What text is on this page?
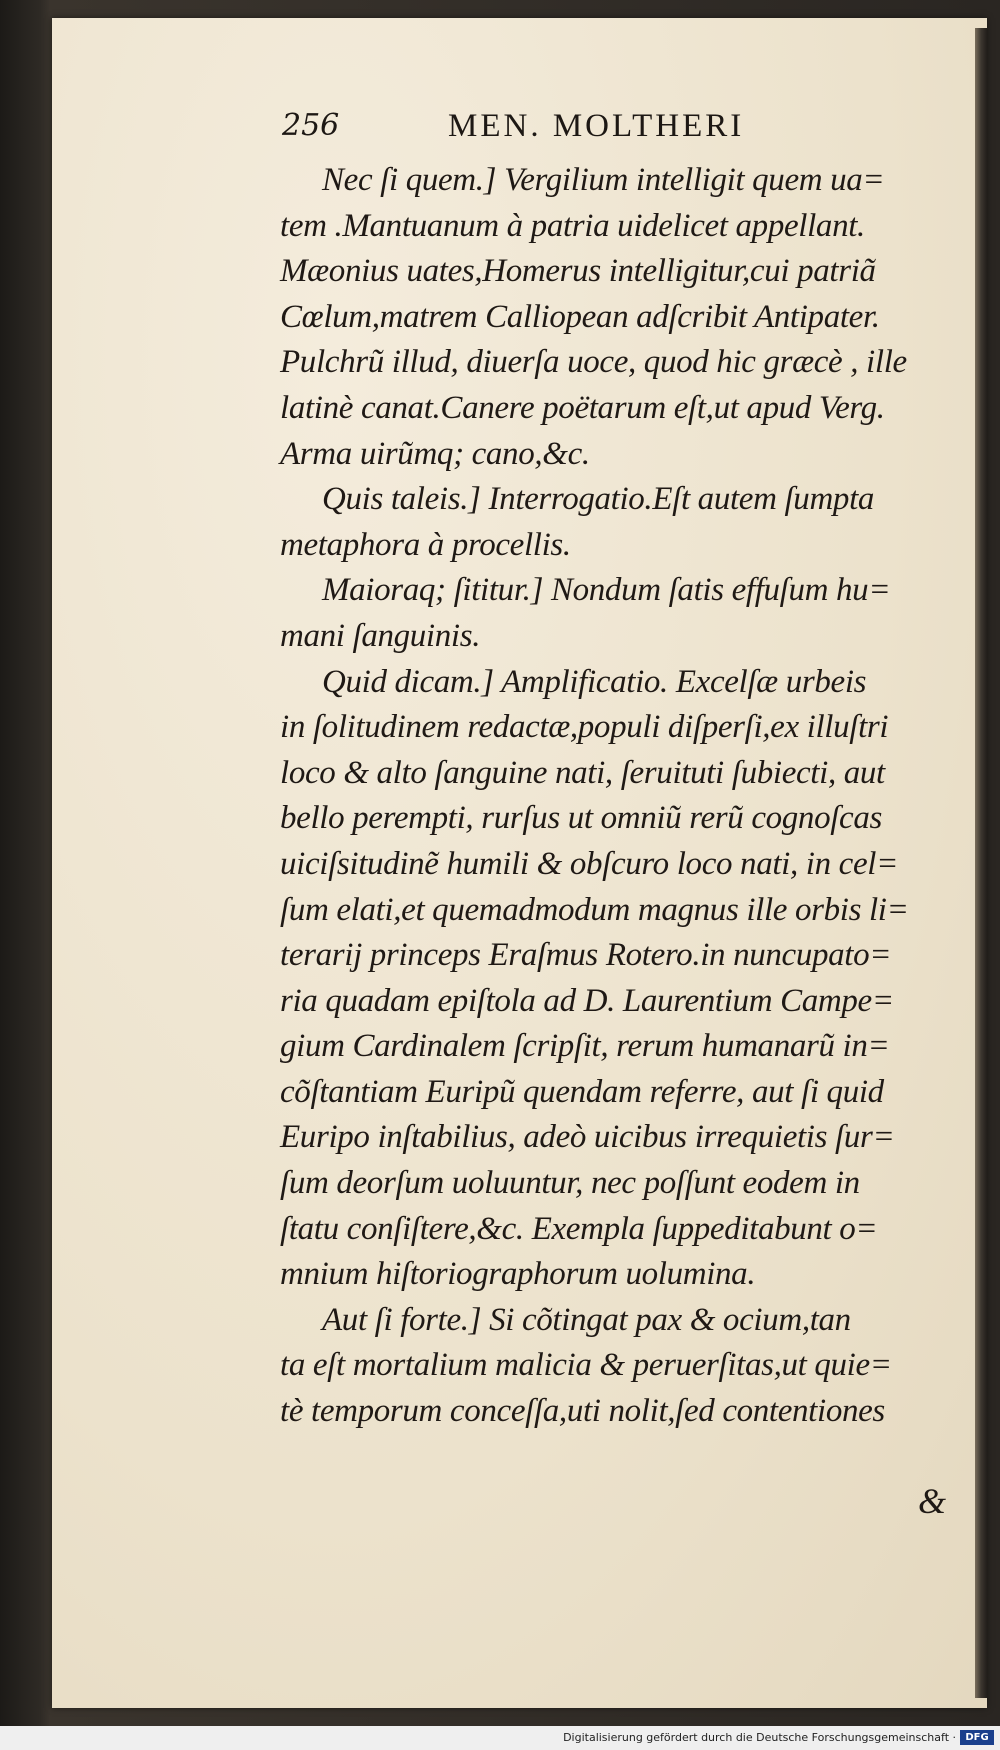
256	MEN. MOLTHERI
Nec ſi quem.] Vergilium intelligit quem ua=
tem .Mantuanum à patria uidelicet appellant.
Mæonius uates,Homerus intelligitur,cui patriã
Cœlum,matrem Calliopean adſcribit Antipater.
Pulchrũ illud, diuerſa uoce, quod hic græcè , ille
latinè canat.Canere poëtarum eſt,ut apud Verg.
Arma uirũmq; cano,&c.
Quis taleis.] Interrogatio.Eſt autem ſumpta
metaphora à procellis.
Maioraq; ſititur.] Nondum ſatis effuſum hu=
mani ſanguinis.
Quid dicam.] Amplificatio. Excelſæ urbeis
in ſolitudinem redactæ,populi diſperſi,ex illuſtri
loco & alto ſanguine nati, ſeruituti ſubiecti, aut
bello perempti, rurſus ut omniũ rerũ cognoſcas
uiciſsitudinẽ humili & obſcuro loco nati, in cel=
ſum elati,et quemadmodum magnus ille orbis li=
terarij princeps Eraſmus Rotero.in nuncupato=
ria quadam epiſtola ad D. Laurentium Campe=
gium Cardinalem ſcripſit, rerum humanarũ in=
cõſtantiam Euripũ quendam referre, aut ſi quid
Euripo inſtabilius, adeò uicibus irrequietis ſur=
ſum deorſum uoluuntur, nec poſſunt eodem in
ſtatu conſiſtere,&c. Exempla ſuppeditabunt o=
mnium hiſtoriographorum uolumina.
Aut ſi forte.] Si cõtingat pax & ocium,tan
ta eſt mortalium malicia & peruerſitas,ut quie=
tè temporum conceſſa,uti nolit,ſed contentiones
&
Digitalisierung gefördert durch die Deutsche Forschungsgemeinschaft · DFG
